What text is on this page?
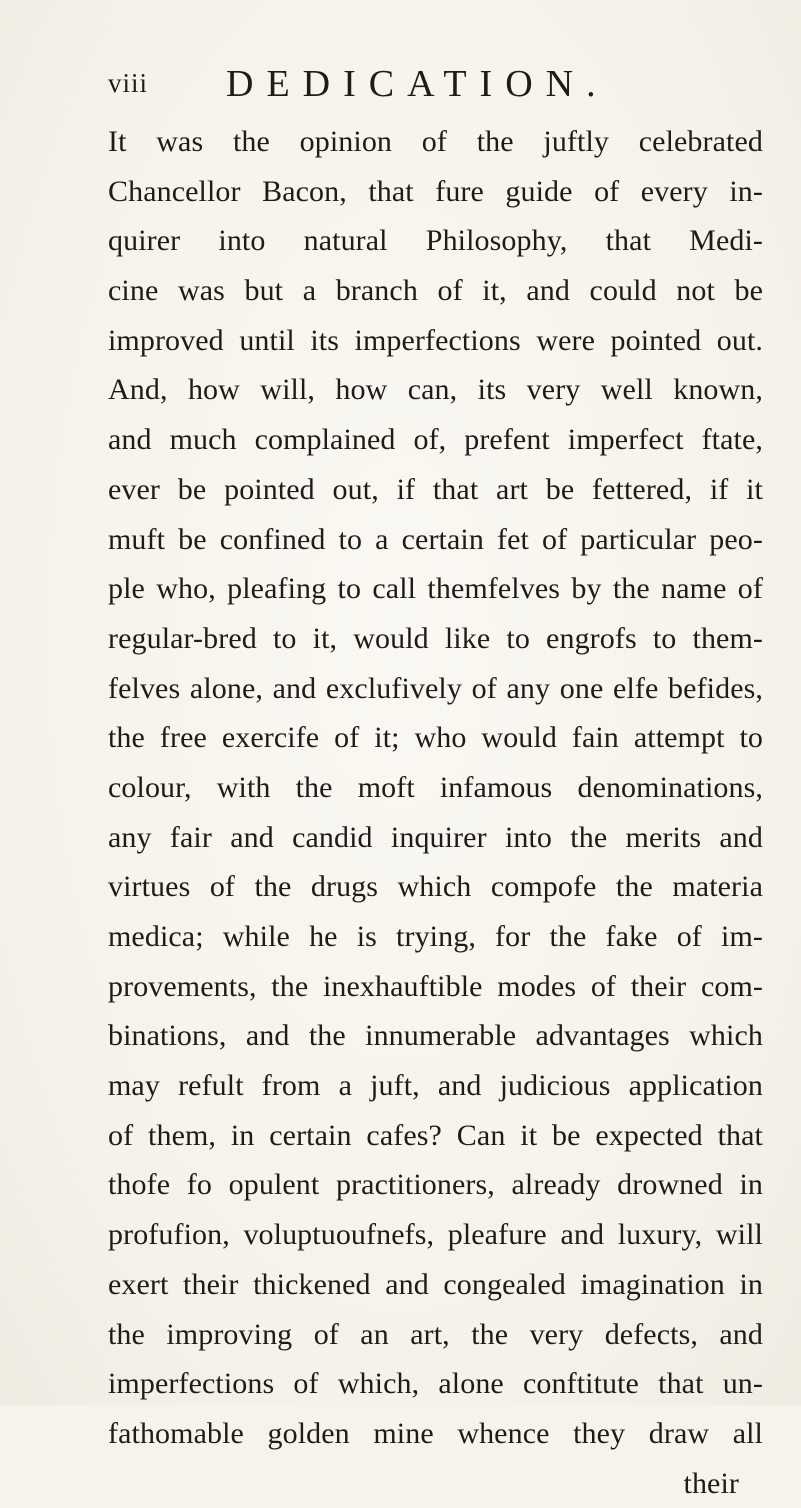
viii DEDICATION.
It was the opinion of the juftly celebrated
Chancellor Bacon, that fure guide of every in-
quirer into natural Philosophy, that Medi-
cine was but a branch of it, and could not be
improved until its imperfections were pointed out.
And, how will, how can, its very well known,
and much complained of, prefent imperfect ftate,
ever be pointed out, if that art be fettered, if it
muft be confined to a certain fet of particular peo-
ple who, pleafing to call themfelves by the name of
regular-bred to it, would like to engrofs to them-
felves alone, and exclufively of any one elfe befides,
the free exercife of it; who would fain attempt to
colour, with the moft infamous denominations,
any fair and candid inquirer into the merits and
virtues of the drugs which compofe the materia
medica; while he is trying, for the fake of im-
provements, the inexhauftible modes of their com-
binations, and the innumerable advantages which
may refult from a juft, and judicious application
of them, in certain cafes? Can it be expected that
thofe fo opulent practitioners, already drowned in
profufion, voluptuoufnefs, pleafure and luxury, will
exert their thickened and congealed imagination in
the improving of an art, the very defects, and
imperfections of which, alone conftitute that un-
fathomable golden mine whence they draw all
their
